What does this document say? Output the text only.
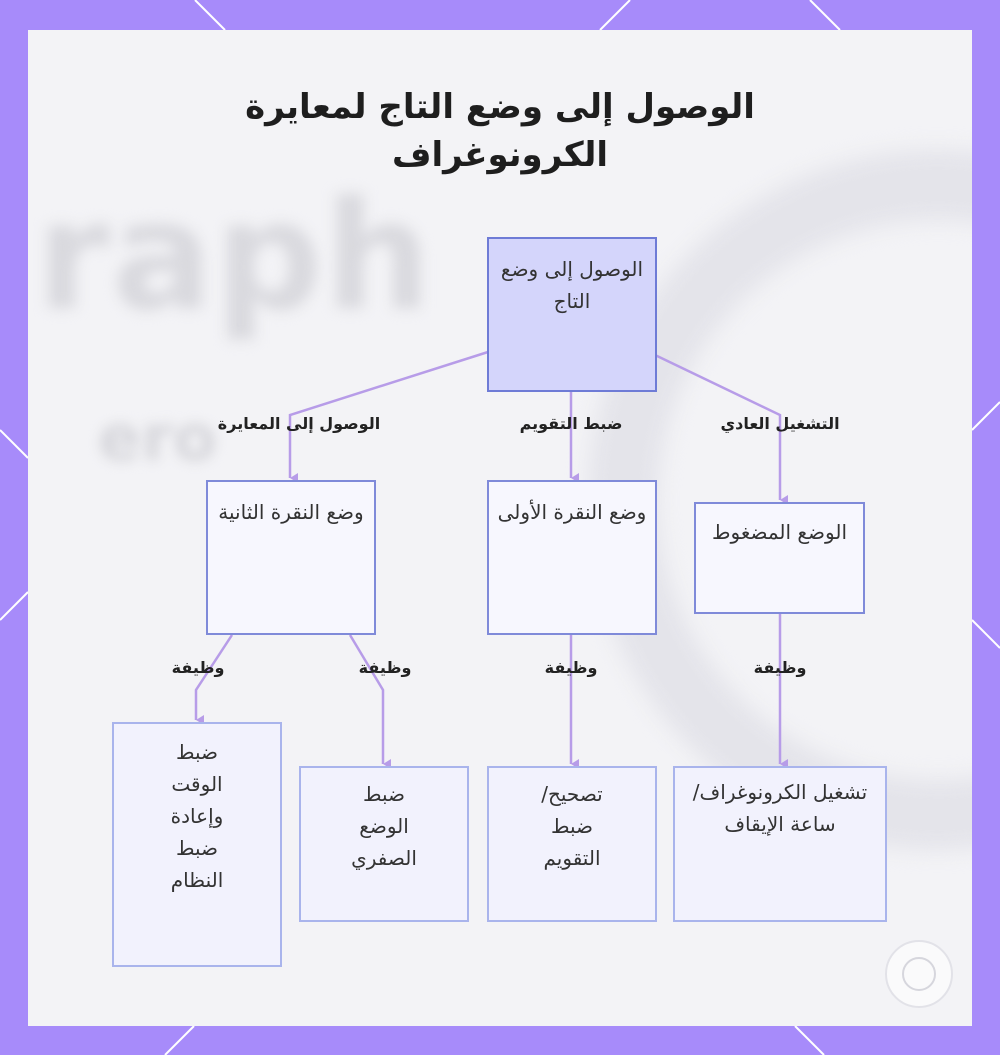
raph
ero
الوصول إلى وضع التاج لمعايرة الكرونوغراف
الوصول إلى وضع التاج
الوضع المضغوط
وضع النقرة الأولى
وضع النقرة الثانية
تشغيل الكرونوغراف/ ساعة الإيقاف
تصحيح/ ضبط التقويم
ضبط الوضع الصفري
ضبط الوقت وإعادة ضبط النظام
التشغيل العادي
ضبط التقويم
الوصول إلى المعايرة
وظيفة
وظيفة
وظيفة
وظيفة
